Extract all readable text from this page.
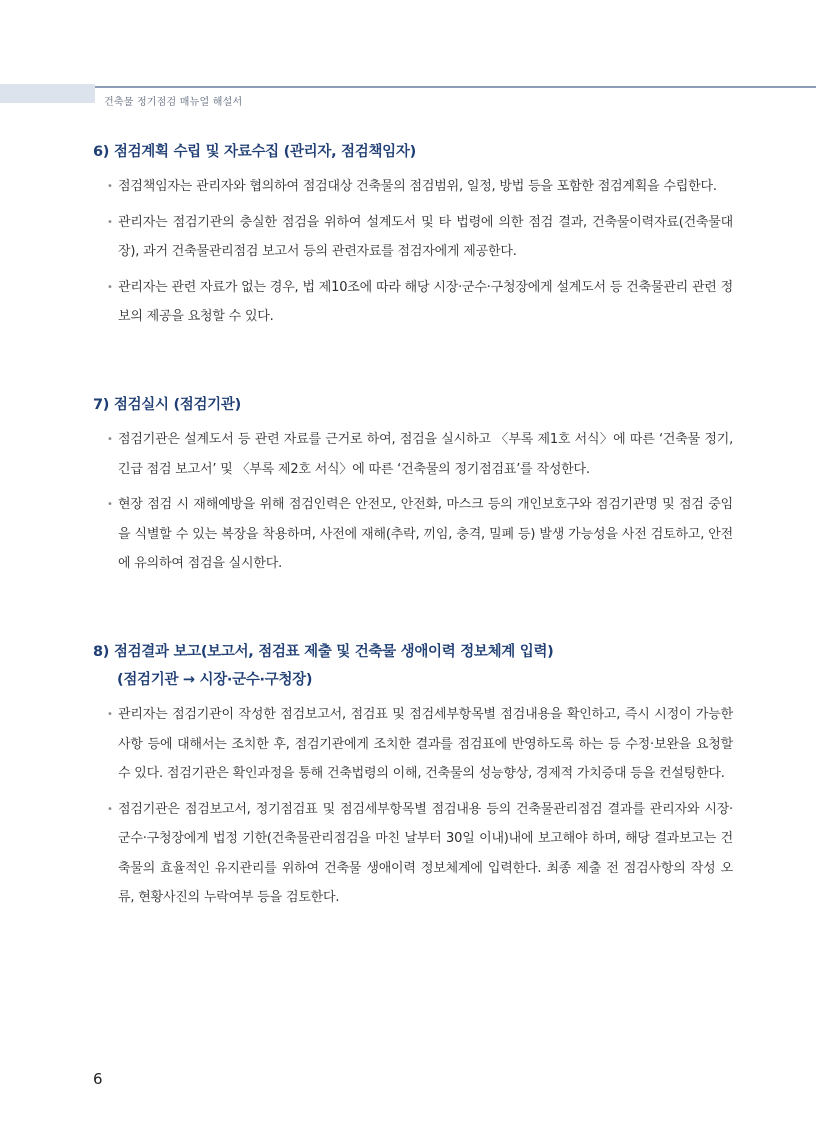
건축물 정기점검 매뉴얼 해설서
6) 점검계획 수립 및 자료수집 (관리자, 점검책임자)
• 점검책임자는 관리자와 협의하여 점검대상 건축물의 점검범위, 일정, 방법 등을 포함한 점검계획을 수립한다.
• 관리자는 점검기관의 충실한 점검을 위하여 설계도서 및 타 법령에 의한 점검 결과, 건축물이력자료(건축물대장), 과거 건축물관리점검 보고서 등의 관련자료를 점검자에게 제공한다.
• 관리자는 관련 자료가 없는 경우, 법 제10조에 따라 해당 시장·군수·구청장에게 설계도서 등 건축물관리 관련 정보의 제공을 요청할 수 있다.
7) 점검실시 (점검기관)
• 점검기관은 설계도서 등 관련 자료를 근거로 하여, 점검을 실시하고 〈부록 제1호 서식〉에 따른 ‘건축물 정기, 긴급 점검 보고서’ 및 〈부록 제2호 서식〉에 따른 ‘건축물의 정기점검표’를 작성한다.
• 현장 점검 시 재해예방을 위해 점검인력은 안전모, 안전화, 마스크 등의 개인보호구와 점검기관명 및 점검 중임을 식별할 수 있는 복장을 착용하며, 사전에 재해(추락, 끼임, 충격, 밀폐 등) 발생 가능성을 사전 검토하고, 안전에 유의하여 점검을 실시한다.
8) 점검결과 보고(보고서, 점검표 제출 및 건축물 생애이력 정보체계 입력)
(점검기관 → 시장·군수·구청장)
• 관리자는 점검기관이 작성한 점검보고서, 점검표 및 점검세부항목별 점검내용을 확인하고, 즉시 시정이 가능한 사항 등에 대해서는 조치한 후, 점검기관에게 조치한 결과를 점검표에 반영하도록 하는 등 수정·보완을 요청할 수 있다. 점검기관은 확인과정을 통해 건축법령의 이해, 건축물의 성능향상, 경제적 가치증대 등을 컨설팅한다.
• 점검기관은 점검보고서, 정기점검표 및 점검세부항목별 점검내용 등의 건축물관리점검 결과를 관리자와 시장·군수·구청장에게 법정 기한(건축물관리점검을 마친 날부터 30일 이내)내에 보고해야 하며, 해당 결과보고는 건축물의 효율적인 유지관리를 위하여 건축물 생애이력 정보체계에 입력한다. 최종 제출 전 점검사항의 작성 오류, 현황사진의 누락여부 등을 검토한다.
6
